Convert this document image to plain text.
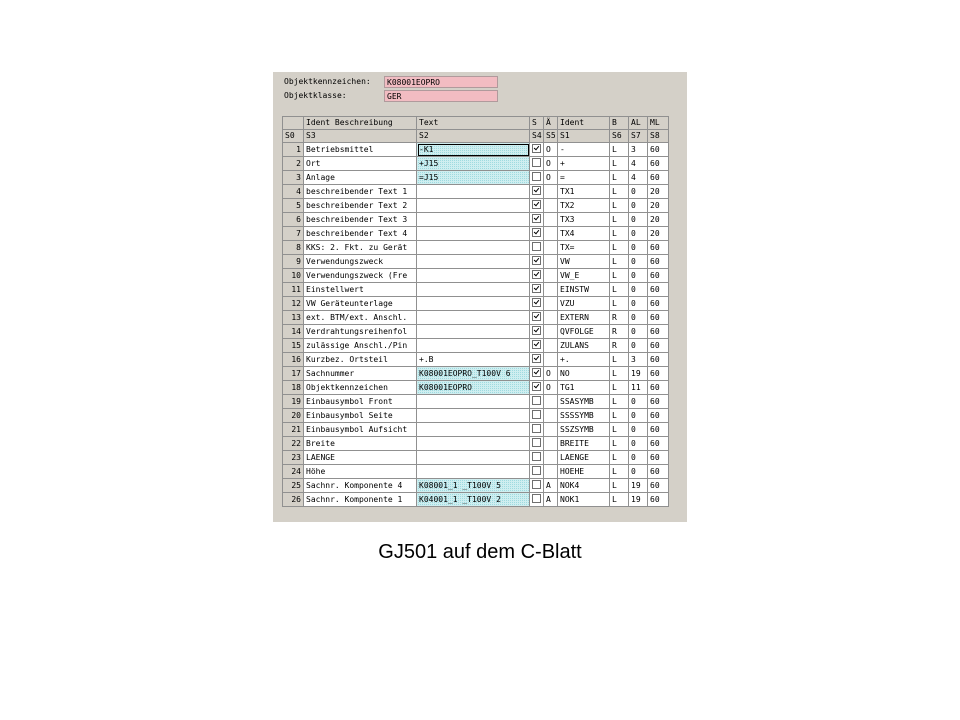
Objektkennzeichen:	K08001EOPRO
Objektklasse:	GER
	Ident Beschreibung	Text	S	Ä	Ident	B	AL	ML
S0	S3	S2	S4	S5	S1	S6	S7	S8
1	Betriebsmittel	-K1		O	-	L	3	60
2	Ort	+J15		O	+	L	4	60
3	Anlage	=J15		O	=	L	4	60
4	beschreibender Text 1				TX1	L	0	20
5	beschreibender Text 2				TX2	L	0	20
6	beschreibender Text 3				TX3	L	0	20
7	beschreibender Text 4				TX4	L	0	20
8	KKS: 2. Fkt. zu Gerät				TX=	L	0	60
9	Verwendungszweck				VW	L	0	60
10	Verwendungszweck (Fre				VW_E	L	0	60
11	Einstellwert				EINSTW	L	0	60
12	VW Geräteunterlage				VZU	L	0	60
13	ext. BTM/ext. Anschl.				EXTERN	R	0	60
14	Verdrahtungsreihenfol				QVFOLGE	R	0	60
15	zulässige Anschl./Pin				ZULANS	R	0	60
16	Kurzbez. Ortsteil	+.B			+.	L	3	60
17	Sachnummer	K08001EOPRO_T100V 6		O	NO	L	19	60
18	Objektkennzeichen	K08001EOPRO		O	TG1	L	11	60
19	Einbausymbol Front				SSASYMB	L	0	60
20	Einbausymbol Seite				SSSSYMB	L	0	60
21	Einbausymbol Aufsicht				SSZSYMB	L	0	60
22	Breite				BREITE	L	0	60
23	LAENGE				LAENGE	L	0	60
24	Höhe				HOEHE	L	0	60
25	Sachnr. Komponente 4	K08001_1 _T100V 5		A	NOK4	L	19	60
26	Sachnr. Komponente 1	K04001_1 _T100V 2		A	NOK1	L	19	60
GJ501 auf dem C-Blatt
